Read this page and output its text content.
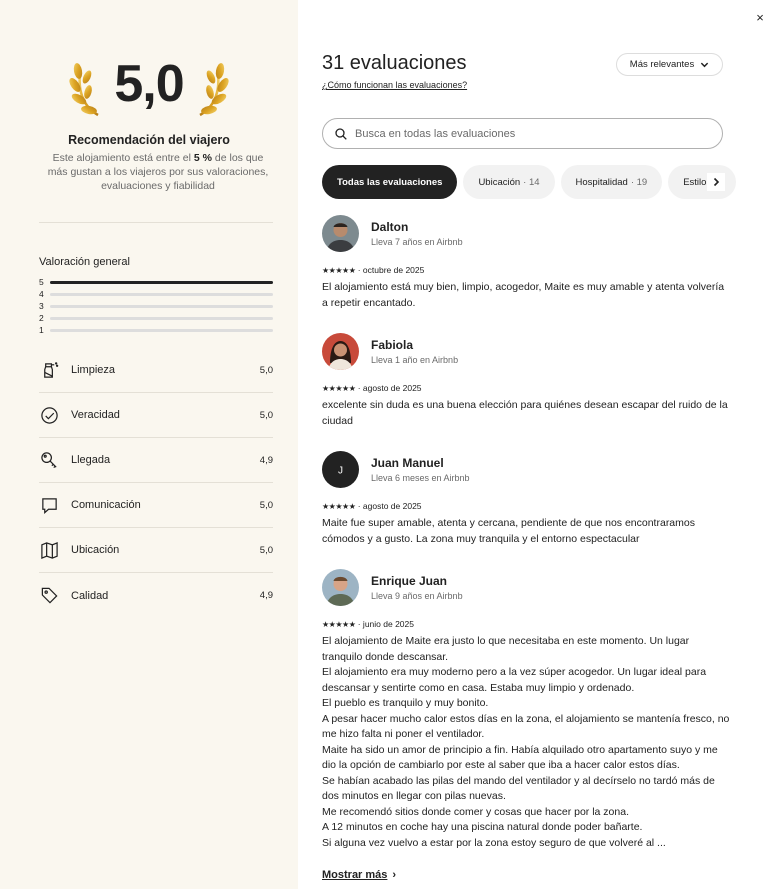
5,0
Recomendación del viajero
Este alojamiento está entre el 5 % de los que más gustan a los viajeros por sus valoraciones, evaluaciones y fiabilidad
Valoración general
5
4
3
2
1
Limpieza	5,0
Veracidad	5,0
Llegada	4,9
Comunicación	5,0
Ubicación	5,0
Calidad	4,9
×
31 evaluaciones
¿Cómo funcionan las evaluaciones?
Más relevantes
Busca en todas las evaluaciones
Todas las evaluaciones	Ubicación · 14	Hospitalidad · 19	Estilo
Dalton
Lleva 7 años en Airbnb
★★★★★
· octubre de 2025
El alojamiento está muy bien, limpio, acogedor, Maite es muy amable y atenta volvería a repetir encantado.
Fabiola
Lleva 1 año en Airbnb
★★★★★
· agosto de 2025
excelente sin duda es una buena elección para quiénes desean escapar del ruido de la ciudad
J
Juan Manuel
Lleva 6 meses en Airbnb
★★★★★
· agosto de 2025
Maite fue super amable, atenta y cercana, pendiente de que nos encontraramos cómodos y a gusto. La zona muy tranquila y el entorno espectacular
Enrique Juan
Lleva 9 años en Airbnb
★★★★★
· junio de 2025
El alojamiento de Maite era justo lo que necesitaba en este momento. Un lugar tranquilo donde descansar.
El alojamiento era muy moderno pero a la vez súper acogedor. Un lugar ideal para descansar y sentirte como en casa. Estaba muy limpio y ordenado.
El pueblo es tranquilo y muy bonito.
A pesar hacer mucho calor estos días en la zona, el alojamiento se mantenía fresco, no me hizo falta ni poner el ventilador.
Maite ha sido un amor de principio a fin. Había alquilado otro apartamento suyo y me dio la opción de cambiarlo por este al saber que iba a hacer calor estos días.
Se habían acabado las pilas del mando del ventilador y al decírselo no tardó más de dos minutos en llegar con pilas nuevas.
Me recomendó sitios donde comer y cosas que hacer por la zona.
A 12 minutos en coche hay una piscina natural donde poder bañarte.
Si alguna vez vuelvo a estar por la zona estoy seguro de que volveré al ...
Mostrar más ›
